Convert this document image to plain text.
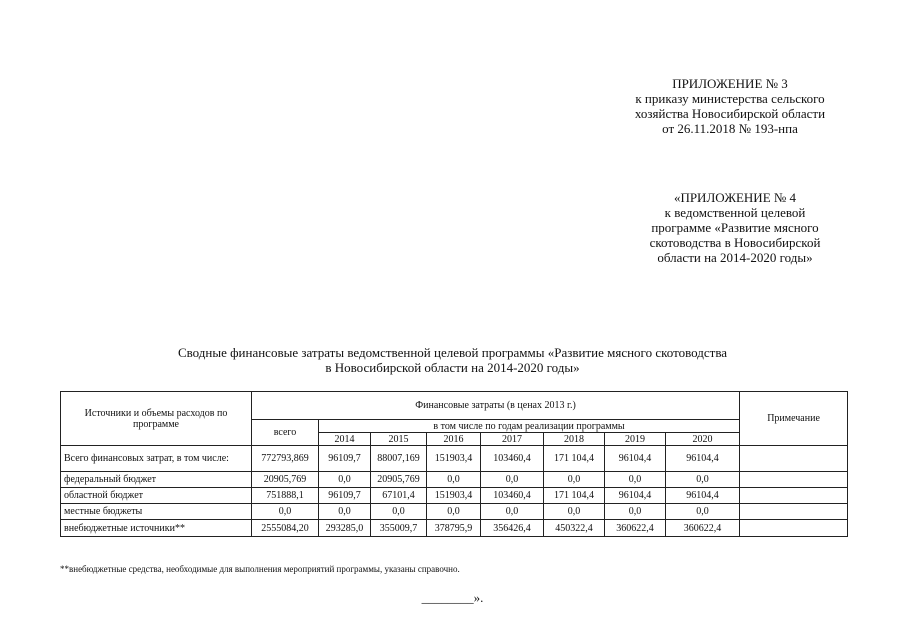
ПРИЛОЖЕНИЕ № 3
к приказу министерства сельского
хозяйства Новосибирской области
от 26.11.2018 № 193-нпа
«ПРИЛОЖЕНИЕ № 4
к ведомственной целевой
программе «Развитие мясного
скотоводства в Новосибирской
области на 2014-2020 годы»
Сводные финансовые затраты ведомственной целевой программы «Развитие мясного скотоводства
в Новосибирской области на 2014-2020 годы»
Источники и объемы расходов по программе	Финансовые затраты (в ценах 2013 г.)								Примечание
	всего	в том числе по годам реализации программы							
		2014	2015	2016	2017	2018	2019	2020	
Всего финансовых затрат, в том числе:	772793,869	96109,7	88007,169	151903,4	103460,4	171 104,4	96104,4	96104,4	
федеральный бюджет	20905,769	0,0	20905,769	0,0	0,0	0,0	0,0	0,0	
областной бюджет	751888,1	96109,7	67101,4	151903,4	103460,4	171 104,4	96104,4	96104,4	
местные бюджеты	0,0	0,0	0,0	0,0	0,0	0,0	0,0	0,0	
внебюджетные источники**	2555084,20	293285,0	355009,7	378795,9	356426,4	450322,4	360622,4	360622,4	
**внебюджетные средства, необходимые для выполнения мероприятий программы, указаны справочно.
________».
